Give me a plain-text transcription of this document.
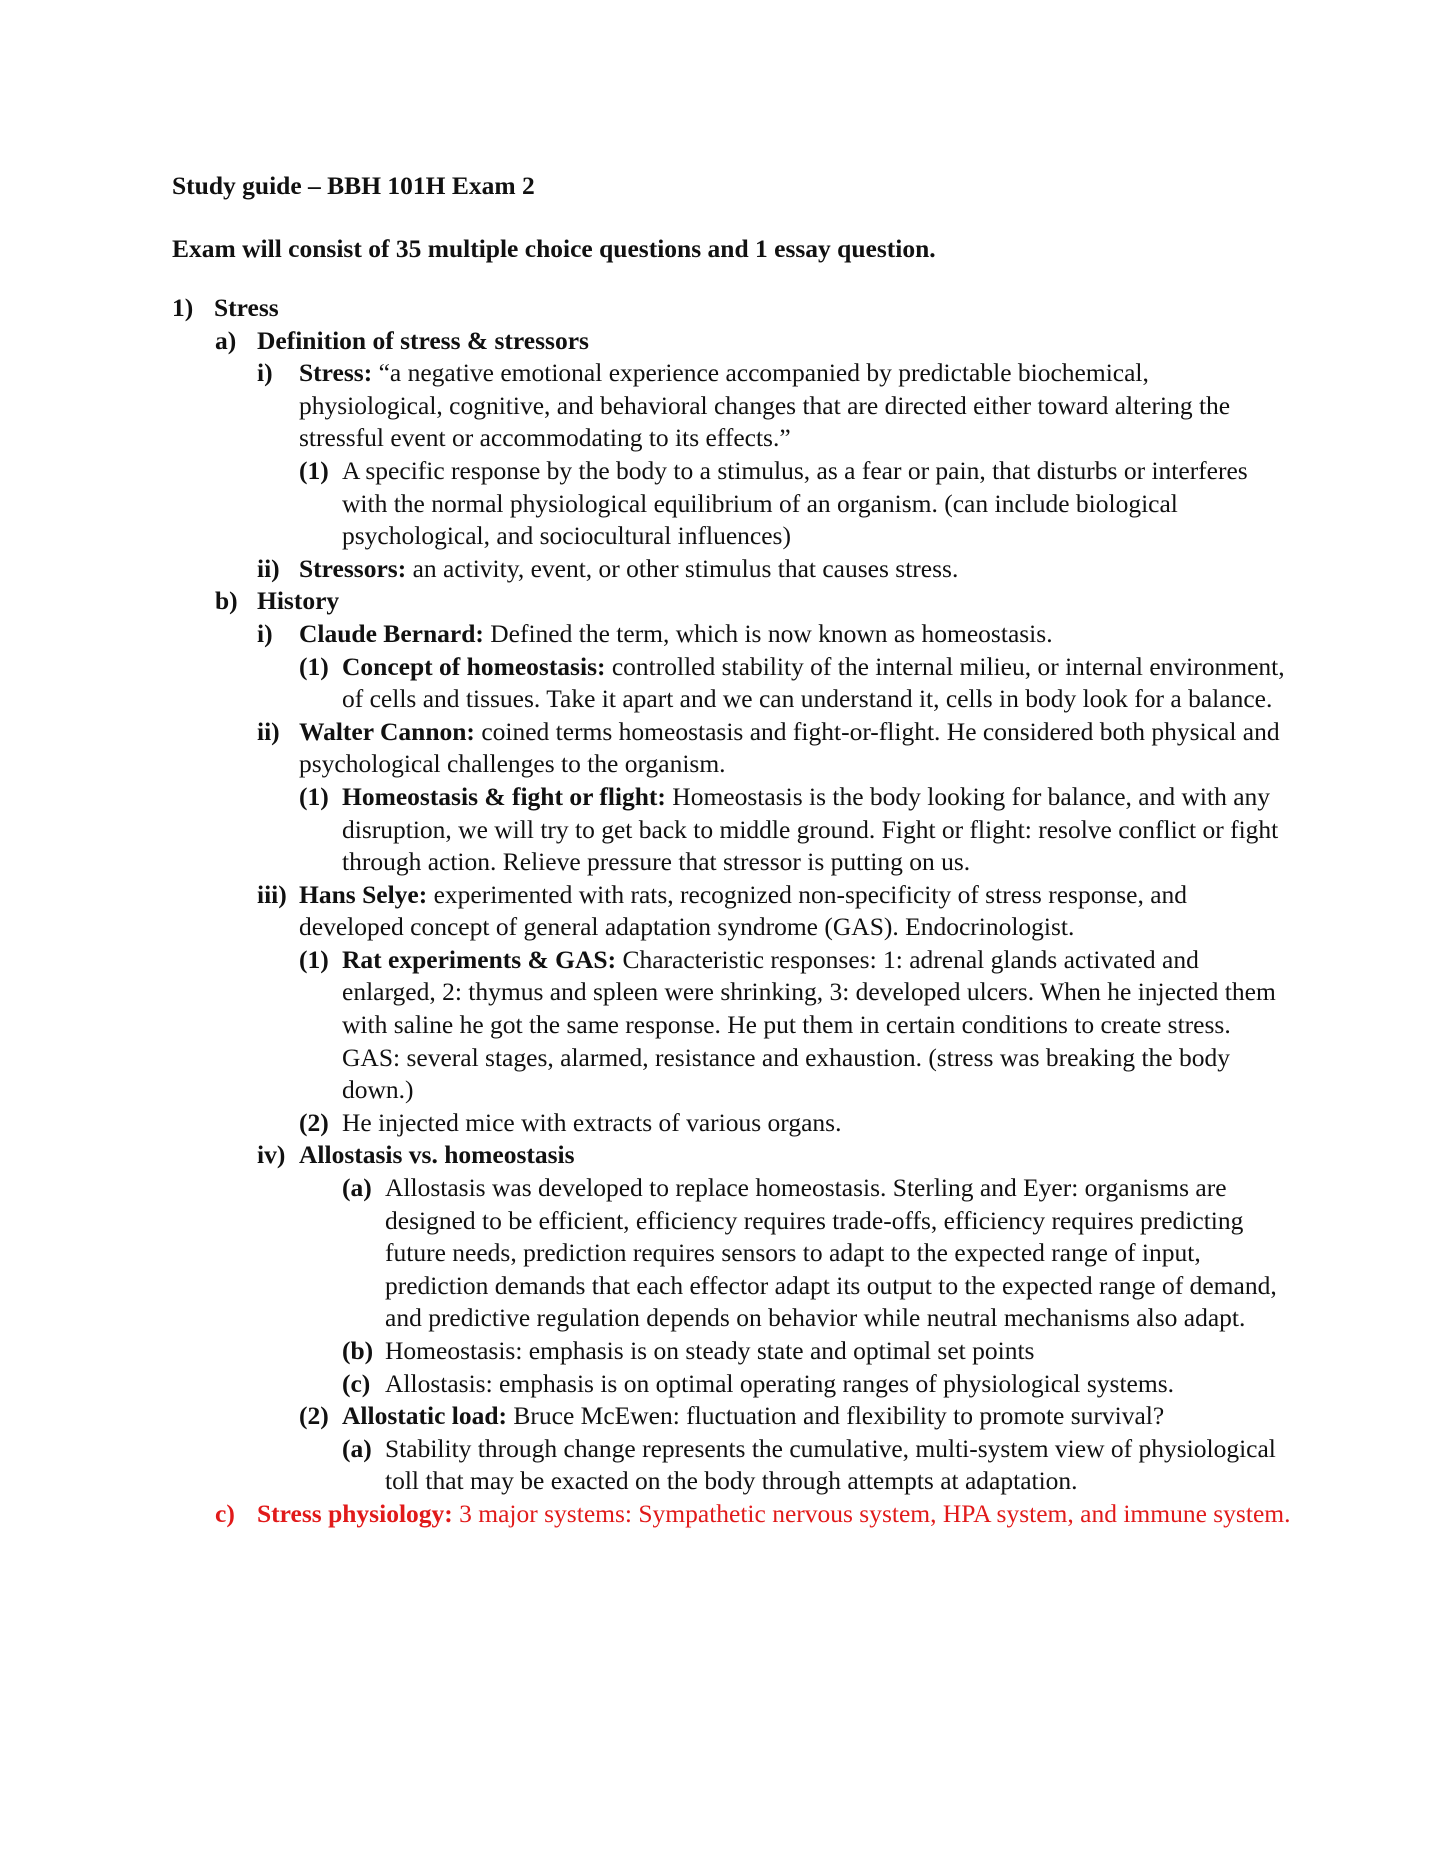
Study guide – BBH 101H Exam 2
Exam will consist of 35 multiple choice questions and 1 essay question.
1) Stress
a) Definition of stress & stressors
i) Stress: “a negative emotional experience accompanied by predictable biochemical, physiological, cognitive, and behavioral changes that are directed either toward altering the stressful event or accommodating to its effects.”
(1) A specific response by the body to a stimulus, as a fear or pain, that disturbs or interferes with the normal physiological equilibrium of an organism. (can include biological psychological, and sociocultural influences)
ii) Stressors: an activity, event, or other stimulus that causes stress.
b) History
i) Claude Bernard: Defined the term, which is now known as homeostasis.
(1) Concept of homeostasis: controlled stability of the internal milieu, or internal environment, of cells and tissues. Take it apart and we can understand it, cells in body look for a balance.
ii) Walter Cannon: coined terms homeostasis and fight-or-flight. He considered both physical and psychological challenges to the organism.
(1) Homeostasis & fight or flight: Homeostasis is the body looking for balance, and with any disruption, we will try to get back to middle ground. Fight or flight: resolve conflict or fight through action. Relieve pressure that stressor is putting on us.
iii) Hans Selye: experimented with rats, recognized non-specificity of stress response, and developed concept of general adaptation syndrome (GAS). Endocrinologist.
(1) Rat experiments & GAS: Characteristic responses: 1: adrenal glands activated and enlarged, 2: thymus and spleen were shrinking, 3: developed ulcers. When he injected them with saline he got the same response. He put them in certain conditions to create stress. GAS: several stages, alarmed, resistance and exhaustion. (stress was breaking the body down.)
(2) He injected mice with extracts of various organs.
iv) Allostasis vs. homeostasis
(a) Allostasis was developed to replace homeostasis. Sterling and Eyer: organisms are designed to be efficient, efficiency requires trade-offs, efficiency requires predicting future needs, prediction requires sensors to adapt to the expected range of input, prediction demands that each effector adapt its output to the expected range of demand, and predictive regulation depends on behavior while neutral mechanisms also adapt.
(b) Homeostasis: emphasis is on steady state and optimal set points
(c) Allostasis: emphasis is on optimal operating ranges of physiological systems.
(2) Allostatic load: Bruce McEwen: fluctuation and flexibility to promote survival?
(a) Stability through change represents the cumulative, multi-system view of physiological toll that may be exacted on the body through attempts at adaptation.
c) Stress physiology: 3 major systems: Sympathetic nervous system, HPA system, and immune system.
